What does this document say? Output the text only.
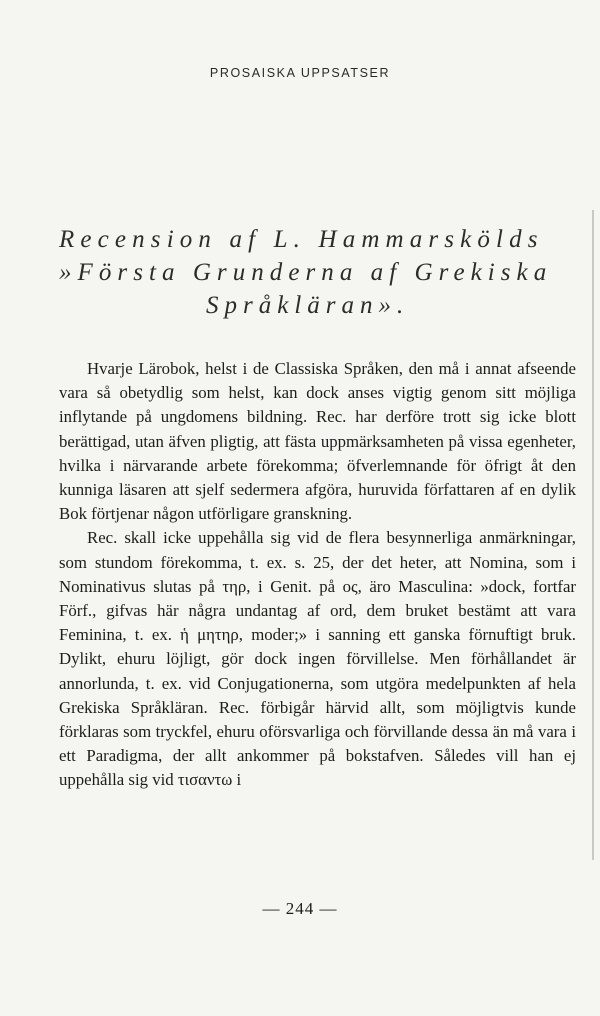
PROSAISKA UPPSATSER
Recension af L. Hammarskölds
»Första Grunderna af Grekiska
Språkläran».

Hvarje Lärobok, helst i de Classiska Språken, den må i annat afseende vara så obetydlig som helst, kan dock anses vigtig genom sitt möjliga inflytande på ungdomens bildning. Rec. har derföre trott sig icke blott berättigad, utan äfven pligtig, att fästa uppmärksamheten på vissa egenheter, hvilka i närvarande arbete förekomma; öfverlemnande för öfrigt åt den kunniga läsaren att sjelf sedermera afgöra, huruvida författaren af en dylik Bok förtjenar någon utförligare granskning.

Rec. skall icke uppehålla sig vid de flera besynnerliga anmärkningar, som stundom förekomma, t. ex. s. 25, der det heter, att Nomina, som i Nominativus slutas på τηρ, i Genit. på ος, äro Masculina: »dock, fortfar Förf., gifvas här några undantag af ord, dem bruket bestämt att vara Feminina, t. ex. ἡ μητηρ, moder;» i sanning ett ganska förnuftigt bruk. Dylikt, ehuru löjligt, gör dock ingen förvillelse. Men förhållandet är annorlunda, t. ex. vid Conjugationerna, som utgöra medelpunkten af hela Grekiska Språkläran. Rec. förbigår härvid allt, som möjligtvis kunde förklaras som tryckfel, ehuru oförsvarliga och förvillande dessa än må vara i ett Paradigma, der allt ankommer på bokstafven. Således vill han ej uppehålla sig vid τισαντω i

— 244 —
